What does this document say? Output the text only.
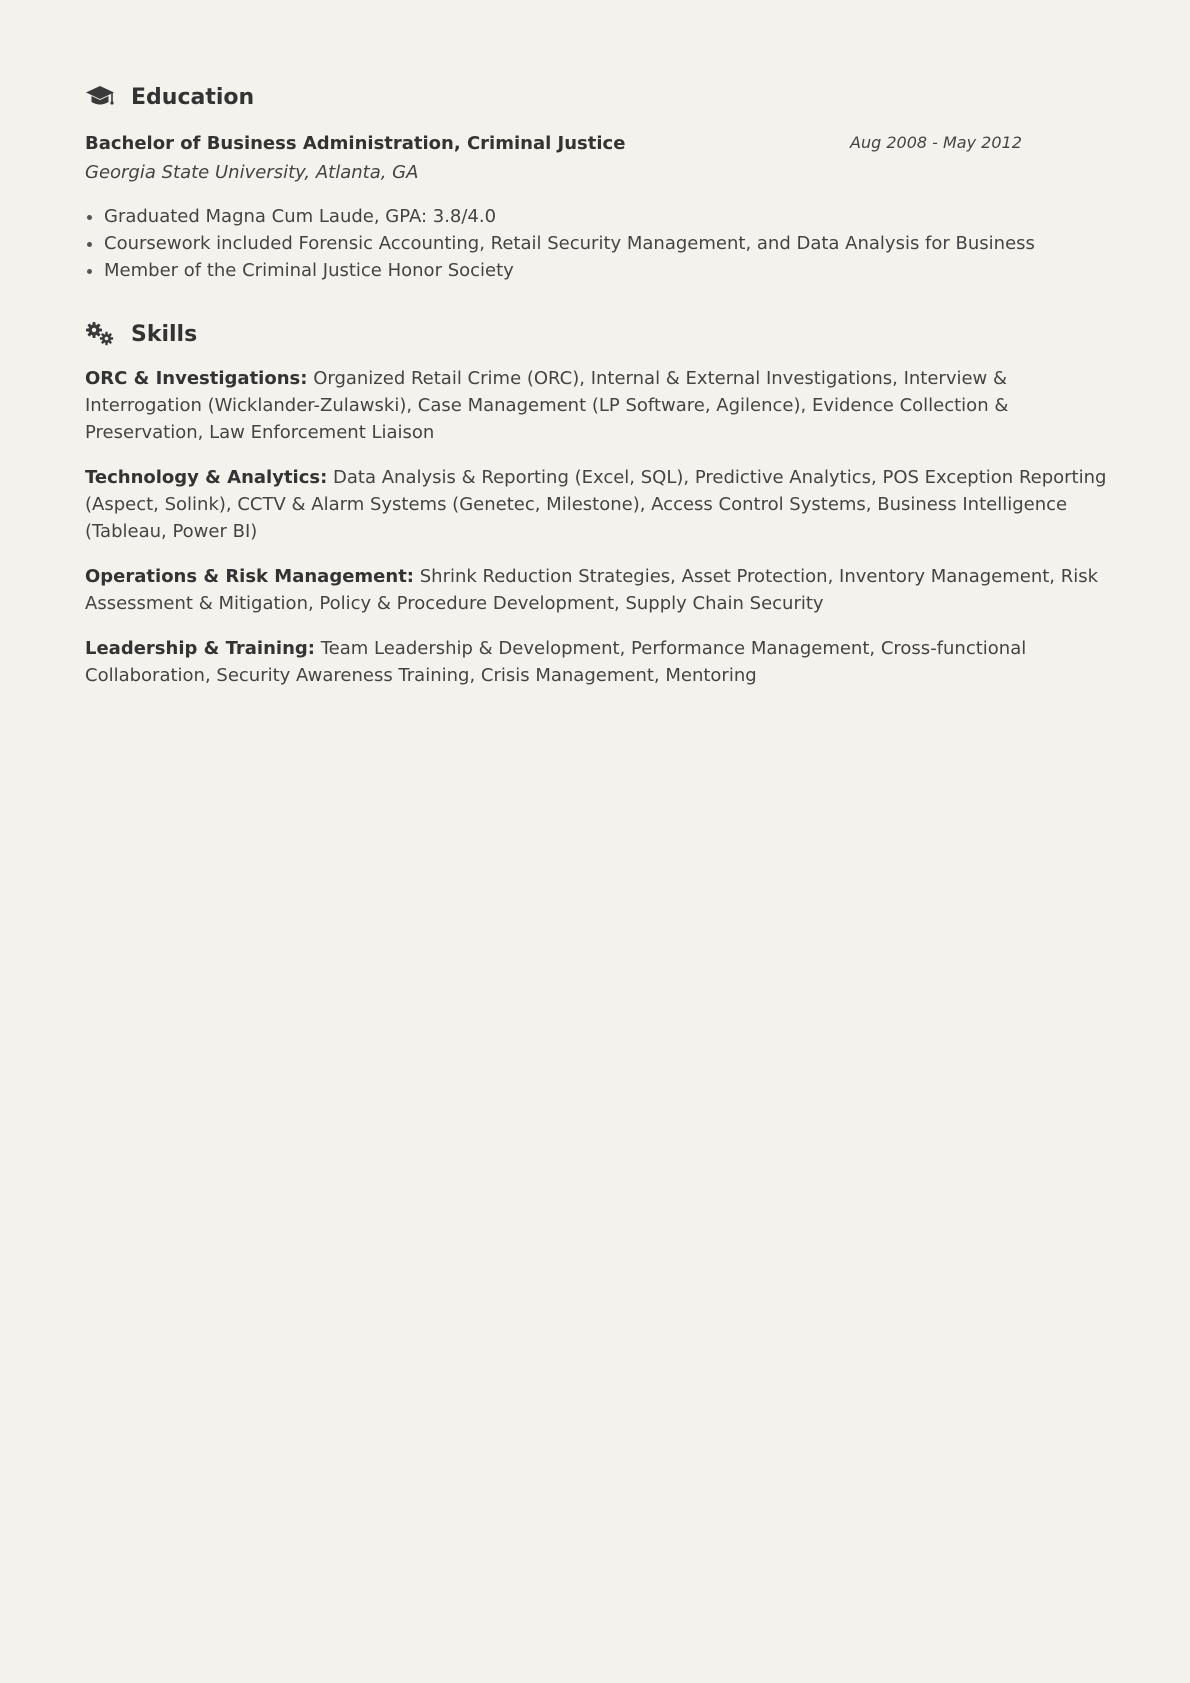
Education
Bachelor of Business Administration, Criminal Justice	Aug 2008 - May 2012
Georgia State University, Atlanta, GA
Graduated Magna Cum Laude, GPA: 3.8/4.0
Coursework included Forensic Accounting, Retail Security Management, and Data Analysis for Business
Member of the Criminal Justice Honor Society
Skills

ORC & Investigations: Organized Retail Crime (ORC), Internal & External Investigations, Interview & Interrogation (Wicklander-Zulawski), Case Management (LP Software, Agilence), Evidence Collection & Preservation, Law Enforcement Liaison

Technology & Analytics: Data Analysis & Reporting (Excel, SQL), Predictive Analytics, POS Exception Reporting (Aspect, Solink), CCTV & Alarm Systems (Genetec, Milestone), Access Control Systems, Business Intelligence (Tableau, Power BI)

Operations & Risk Management: Shrink Reduction Strategies, Asset Protection, Inventory Management, Risk Assessment & Mitigation, Policy & Procedure Development, Supply Chain Security

Leadership & Training: Team Leadership & Development, Performance Management, Cross-functional Collaboration, Security Awareness Training, Crisis Management, Mentoring
